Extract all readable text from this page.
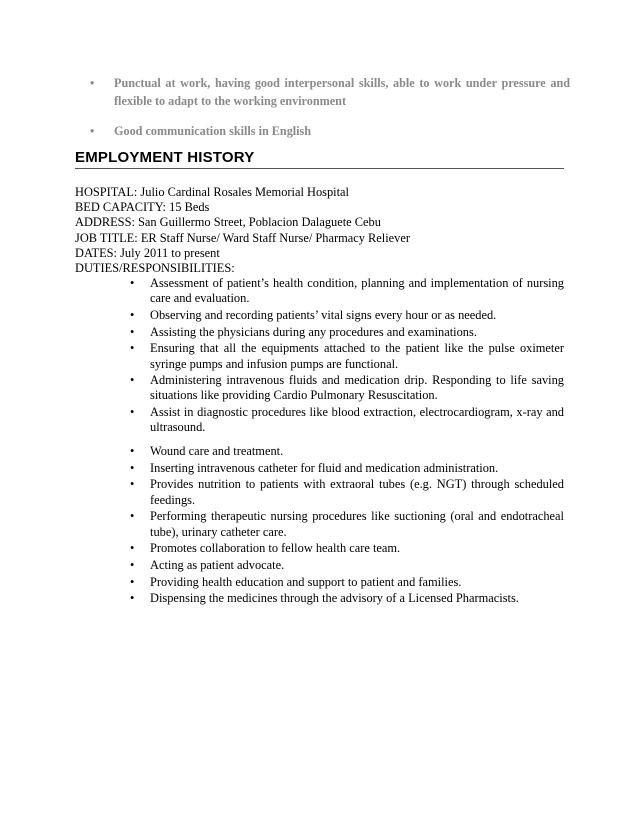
• Punctual at work, having good interpersonal skills, able to work under pressure and flexible to adapt to the working environment
• Good communication skills in English
EMPLOYMENT HISTORY
HOSPITAL: Julio Cardinal Rosales Memorial Hospital
BED CAPACITY: 15 Beds
ADDRESS: San Guillermo Street, Poblacion Dalaguete Cebu
JOB TITLE: ER Staff Nurse/ Ward Staff Nurse/ Pharmacy Reliever
DATES: July 2011 to present
DUTIES/RESPONSIBILITIES:
• Assessment of patient’s health condition, planning and implementation of nursing care and evaluation.
• Observing and recording patients’ vital signs every hour or as needed.
• Assisting the physicians during any procedures and examinations.
• Ensuring that all the equipments attached to the patient like the pulse oximeter syringe pumps and infusion pumps are functional.
• Administering intravenous fluids and medication drip. Responding to life saving situations like providing Cardio Pulmonary Resuscitation.
• Assist in diagnostic procedures like blood extraction, electrocardiogram, x-ray and ultrasound.
• Wound care and treatment.
• Inserting intravenous catheter for fluid and medication administration.
• Provides nutrition to patients with extraoral tubes (e.g. NGT) through scheduled feedings.
• Performing therapeutic nursing procedures like suctioning (oral and endotracheal tube), urinary catheter care.
• Promotes collaboration to fellow health care team.
• Acting as patient advocate.
• Providing health education and support to patient and families.
• Dispensing the medicines through the advisory of a Licensed Pharmacists.
